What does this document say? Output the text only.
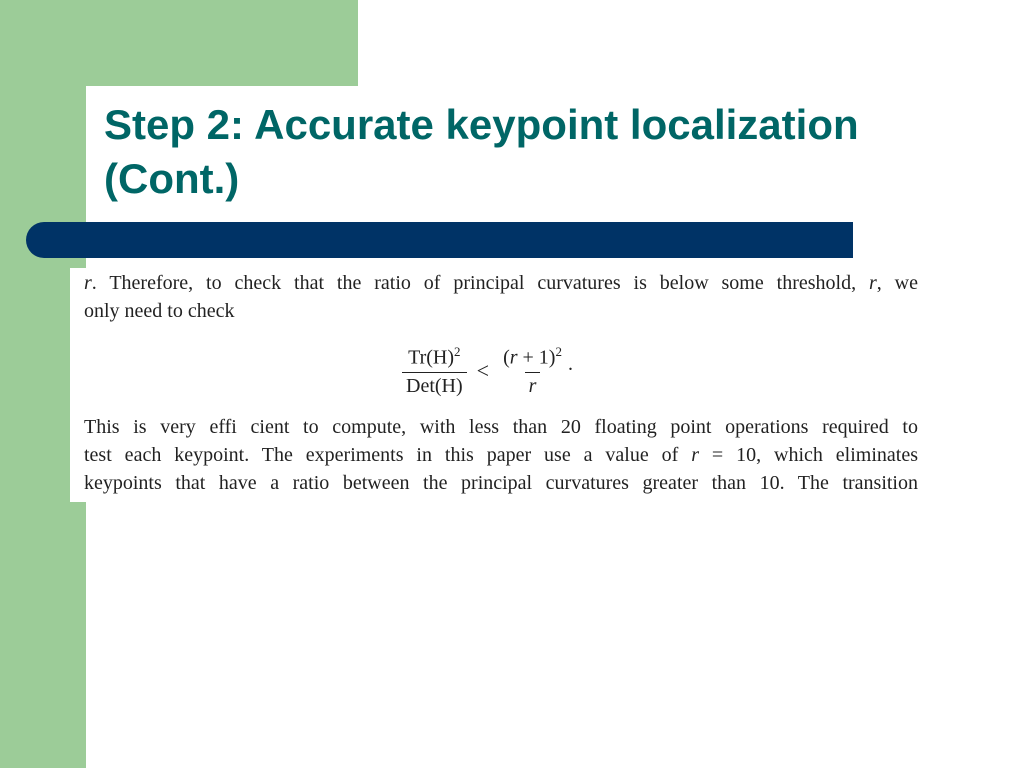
Step 2: Accurate keypoint localization
(Cont.)
r. Therefore, to check that the ratio of principal curvatures is below some threshold, r, we
only need to check
$\frac{Tr(H)^2}{\text{Det(H)}} < \frac{(r + 1)^2}{r}$ .
This is very effi cient to compute, with less than 20 floating point operations required to
test each keypoint. The experiments in this paper use a value of r = 10, which eliminates
keypoints that have a ratio between the principal curvatures greater than 10. The transition
